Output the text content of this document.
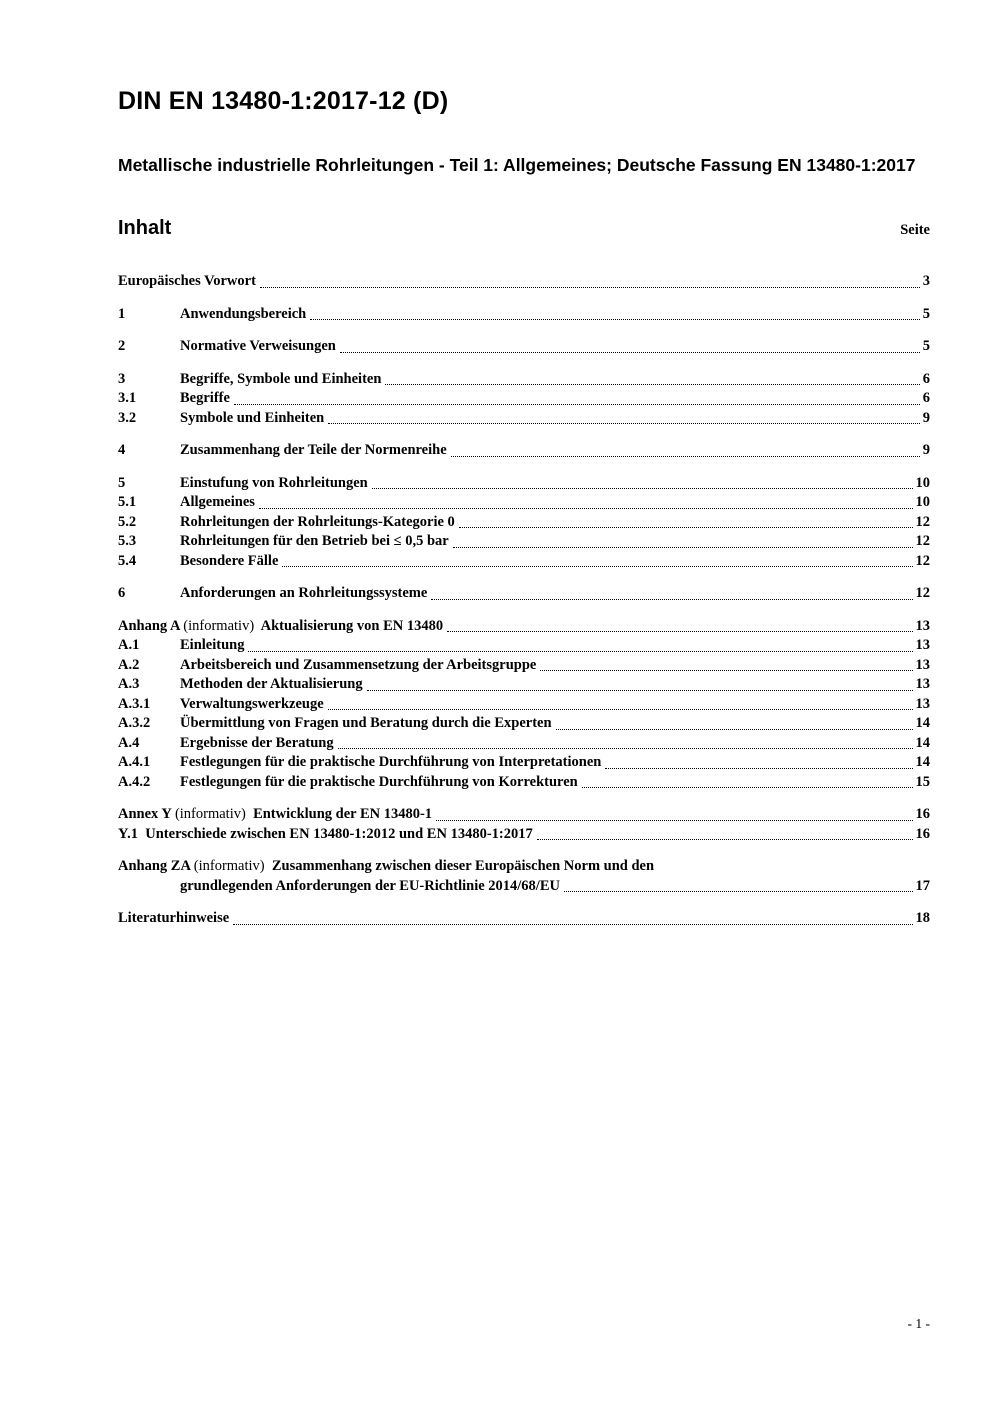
DIN EN 13480-1:2017-12 (D)
Metallische industrielle Rohrleitungen - Teil 1: Allgemeines; Deutsche Fassung EN 13480-1:2017
Inhalt	Seite
Europäisches Vorwort	3
1	Anwendungsbereich	5
2	Normative Verweisungen	5
3	Begriffe, Symbole und Einheiten	6
3.1	Begriffe	6
3.2	Symbole und Einheiten	9
4	Zusammenhang der Teile der Normenreihe	9
5	Einstufung von Rohrleitungen	10
5.1	Allgemeines	10
5.2	Rohrleitungen der Rohrleitungs-Kategorie 0	12
5.3	Rohrleitungen für den Betrieb bei ≤ 0,5 bar	12
5.4	Besondere Fälle	12
6	Anforderungen an Rohrleitungssysteme	12
Anhang A (informativ)  Aktualisierung von EN 13480	13
A.1	Einleitung	13
A.2	Arbeitsbereich und Zusammensetzung der Arbeitsgruppe	13
A.3	Methoden der Aktualisierung	13
A.3.1	Verwaltungswerkzeuge	13
A.3.2	Übermittlung von Fragen und Beratung durch die Experten	14
A.4	Ergebnisse der Beratung	14
A.4.1	Festlegungen für die praktische Durchführung von Interpretationen	14
A.4.2	Festlegungen für die praktische Durchführung von Korrekturen	15
Annex Y (informativ)  Entwicklung der EN 13480-1	16
Y.1  Unterschiede zwischen EN 13480-1:2012 und EN 13480-1:2017	16
Anhang ZA (informativ)  Zusammenhang zwischen dieser Europäischen Norm und den
grundlegenden Anforderungen der EU-Richtlinie 2014/68/EU	17
Literaturhinweise	18
- 1 -
